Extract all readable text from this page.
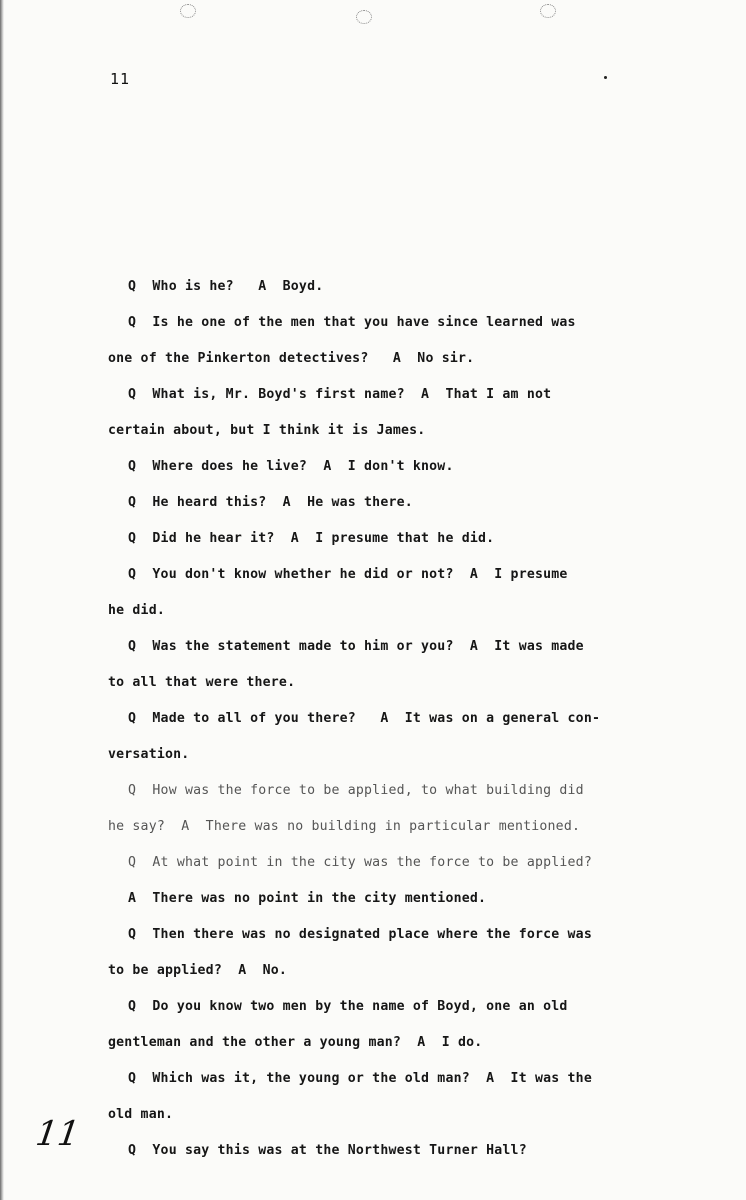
11
Q  Who is he?   A  Boyd.
Q  Is he one of the men that you have since learned was
one of the Pinkerton detectives?   A  No sir.
Q  What is, Mr. Boyd's first name?  A  That I am not
certain about, but I think it is James.
Q  Where does he live?  A  I don't know.
Q  He heard this?  A  He was there.
Q  Did he hear it?  A  I presume that he did.
Q  You don't know whether he did or not?  A  I presume
he did.
Q  Was the statement made to him or you?  A  It was made
to all that were there.
Q  Made to all of you there?   A  It was on a general con-
versation.
Q  How was the force to be applied, to what building did
he say?  A  There was no building in particular mentioned.
Q  At what point in the city was the force to be applied?
A  There was no point in the city mentioned.
Q  Then there was no designated place where the force was
to be applied?  A  No.
Q  Do you know two men by the name of Boyd, one an old
gentleman and the other a young man?  A  I do.
Q  Which was it, the young or the old man?  A  It was the
old man.
Q  You say this was at the Northwest Turner Hall?
11
